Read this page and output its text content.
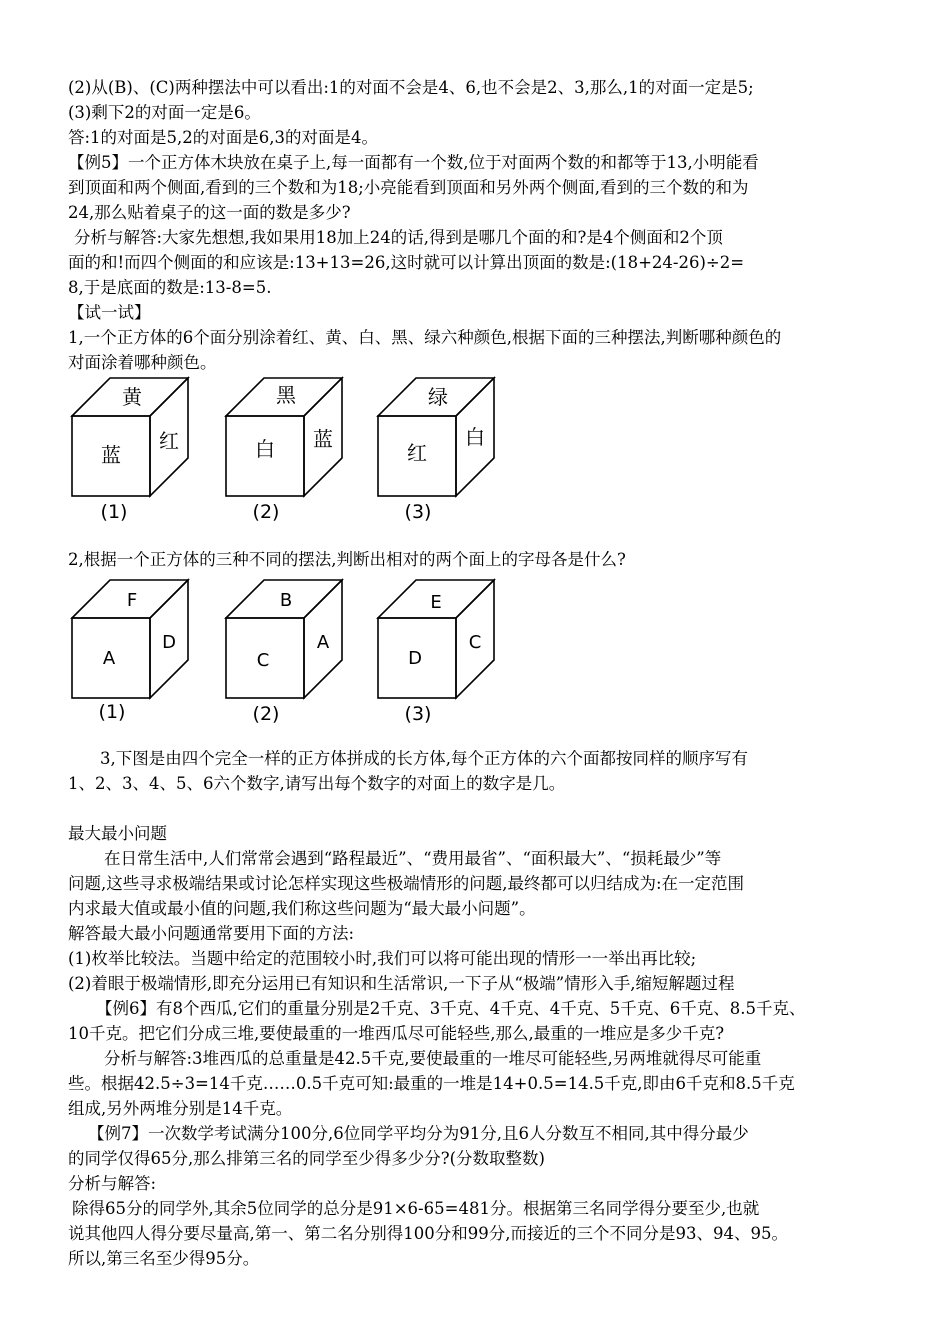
(2)从(B)、(C)两种摆法中可以看出:1的对面不会是4、6,也不会是2、3,那么,1的对面一定是5;
(3)剩下2的对面一定是6。
答:1的对面是5,2的对面是6,3的对面是4。
【例5】一个正方体木块放在桌子上,每一面都有一个数,位于对面两个数的和都等于13,小明能看
到顶面和两个侧面,看到的三个数和为18;小亮能看到顶面和另外两个侧面,看到的三个数的和为
24,那么贴着桌子的这一面的数是多少?
分析与解答:大家先想想,我如果用18加上24的话,得到是哪几个面的和?是4个侧面和2个顶
面的和!而四个侧面的和应该是:13+13=26,这时就可以计算出顶面的数是:(18+24-26)÷2=
8,于是底面的数是:13-8=5.
【试一试】
1,一个正方体的6个面分别涂着红、黄、白、黑、绿六种颜色,根据下面的三种摆法,判断哪种颜色的
对面涂着哪种颜色。
黄
蓝
红
(1)
黑
白 蓝
(2)
绿
红
白
(3)
2,根据一个正方体的三种不同的摆法,判断出相对的两个面上的字母各是什么?
F
A
D
(1)
B
C
A
(2)
E
D
C
(3)
3,下图是由四个完全一样的正方体拼成的长方体,每个正方体的六个面都按同样的顺序写有
1、2、3、4、5、6六个数字,请写出每个数字的对面上的数字是几。
最大最小问题
在日常生活中,人们常常会遇到“路程最近”、“费用最省”、“面积最大”、“损耗最少”等
问题,这些寻求极端结果或讨论怎样实现这些极端情形的问题,最终都可以归结成为:在一定范围
内求最大值或最小值的问题,我们称这些问题为“最大最小问题”。
解答最大最小问题通常要用下面的方法:
(1)枚举比较法。当题中给定的范围较小时,我们可以将可能出现的情形一一举出再比较;
(2)着眼于极端情形,即充分运用已有知识和生活常识,一下子从“极端”情形入手,缩短解题过程
【例6】有8个西瓜,它们的重量分别是2千克、3千克、4千克、4千克、5千克、6千克、8.5千克、
10千克。把它们分成三堆,要使最重的一堆西瓜尽可能轻些,那么,最重的一堆应是多少千克?
分析与解答:3堆西瓜的总重量是42.5千克,要使最重的一堆尽可能轻些,另两堆就得尽可能重
些。根据42.5÷3=14千克……0.5千克可知:最重的一堆是14+0.5=14.5千克,即由6千克和8.5千克
组成,另外两堆分别是14千克。
【例7】一次数学考试满分100分,6位同学平均分为91分,且6人分数互不相同,其中得分最少
的同学仅得65分,那么排第三名的同学至少得多少分?(分数取整数)
分析与解答:
除得65分的同学外,其余5位同学的总分是91×6-65=481分。根据第三名同学得分要至少,也就
说其他四人得分要尽量高,第一、第二名分别得100分和99分,而接近的三个不同分是93、94、95。
所以,第三名至少得95分。
